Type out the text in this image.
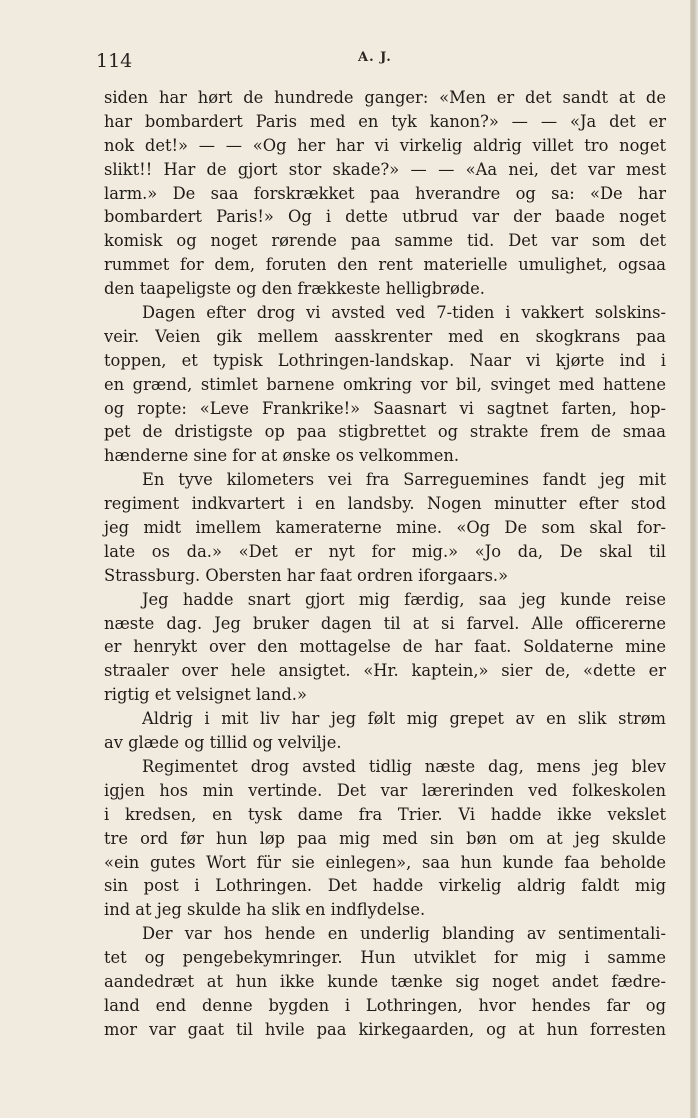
114	A. J.
siden har hørt de hundrede ganger: «Men er det sandt at de
har bombardert Paris med en tyk kanon?» — — «Ja det er
nok det!» — — «Og her har vi virkelig aldrig villet tro noget
slikt!! Har de gjort stor skade?» — — «Aa nei, det var mest
larm.» De saa forskrækket paa hverandre og sa: «De har
bombardert Paris!» Og i dette utbrud var der baade noget
komisk og noget rørende paa samme tid. Det var som det
rummet for dem, foruten den rent materielle umulighet, ogsaa
den taapeligste og den frækkeste helligbrøde.
Dagen efter drog vi avsted ved 7-tiden i vakkert solskins-
veir. Veien gik mellem aasskrenter med en skogkrans paa
toppen, et typisk Lothringen-landskap. Naar vi kjørte ind i
en grænd, stimlet barnene omkring vor bil, svinget med hattene
og ropte: «Leve Frankrike!» Saasnart vi sagtnet farten, hop-
pet de dristigste op paa stigbrettet og strakte frem de smaa
hænderne sine for at ønske os velkommen.
En tyve kilometers vei fra Sarreguemines fandt jeg mit
regiment indkvartert i en landsby. Nogen minutter efter stod
jeg midt imellem kameraterne mine. «Og De som skal for-
late os da.» «Det er nyt for mig.» «Jo da, De skal til
Strassburg. Obersten har faat ordren iforgaars.»
Jeg hadde snart gjort mig færdig, saa jeg kunde reise
næste dag. Jeg bruker dagen til at si farvel. Alle officererne
er henrykt over den mottagelse de har faat. Soldaterne mine
straaler over hele ansigtet. «Hr. kaptein,» sier de, «dette er
rigtig et velsignet land.»
Aldrig i mit liv har jeg følt mig grepet av en slik strøm
av glæde og tillid og velvilje.
Regimentet drog avsted tidlig næste dag, mens jeg blev
igjen hos min vertinde. Det var lærerinden ved folkeskolen
i kredsen, en tysk dame fra Trier. Vi hadde ikke vekslet
tre ord før hun løp paa mig med sin bøn om at jeg skulde
«ein gutes Wort für sie einlegen», saa hun kunde faa beholde
sin post i Lothringen. Det hadde virkelig aldrig faldt mig
ind at jeg skulde ha slik en indflydelse.
Der var hos hende en underlig blanding av sentimentali-
tet og pengebekymringer. Hun utviklet for mig i samme
aandedræt at hun ikke kunde tænke sig noget andet fædre-
land end denne bygden i Lothringen, hvor hendes far og
mor var gaat til hvile paa kirkegaarden, og at hun forresten
